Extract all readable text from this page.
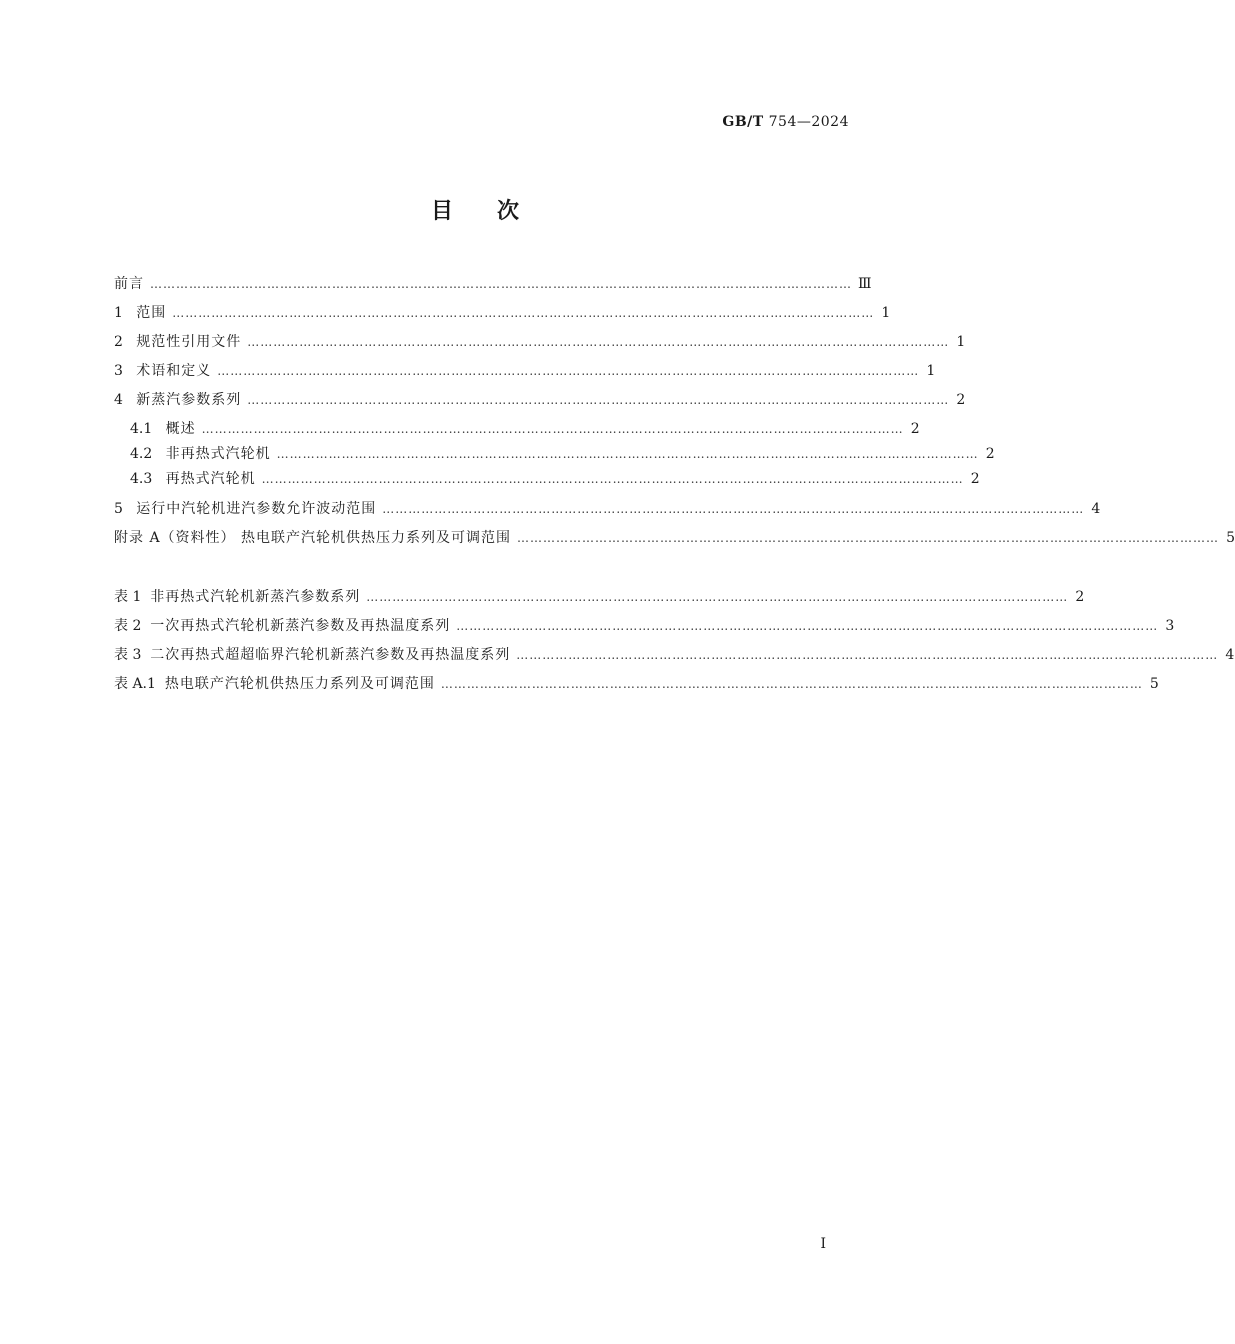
GB/T 754—2024
目次
前言 ……………………………………………………………………………………………………………………………………………… Ⅲ
1
范围 ……………………………………………………………………………………………………………………………………………… 1
2
规范性引用文件 ……………………………………………………………………………………………………………………………………………… 1
3
术语和定义 ……………………………………………………………………………………………………………………………………………… 1
4
新蒸汽参数系列 ……………………………………………………………………………………………………………………………………………… 2
4.1
概述 ……………………………………………………………………………………………………………………………………………… 2
4.2
非再热式汽轮机 ……………………………………………………………………………………………………………………………………………… 2
4.3
再热式汽轮机 ……………………………………………………………………………………………………………………………………………… 2
5
运行中汽轮机进汽参数允许波动范围 ……………………………………………………………………………………………………………………………………………… 4
附录 A（资料性） 热电联产汽轮机供热压力系列及可调范围 ……………………………………………………………………………………………………………………………………………… 5
表 1
非再热式汽轮机新蒸汽参数系列 ……………………………………………………………………………………………………………………………………………… 2
表 2
一次再热式汽轮机新蒸汽参数及再热温度系列 ……………………………………………………………………………………………………………………………………………… 3
表 3
二次再热式超超临界汽轮机新蒸汽参数及再热温度系列 ……………………………………………………………………………………………………………………………………………… 4
表 A.1
热电联产汽轮机供热压力系列及可调范围 ……………………………………………………………………………………………………………………………………………… 5
Ⅰ
